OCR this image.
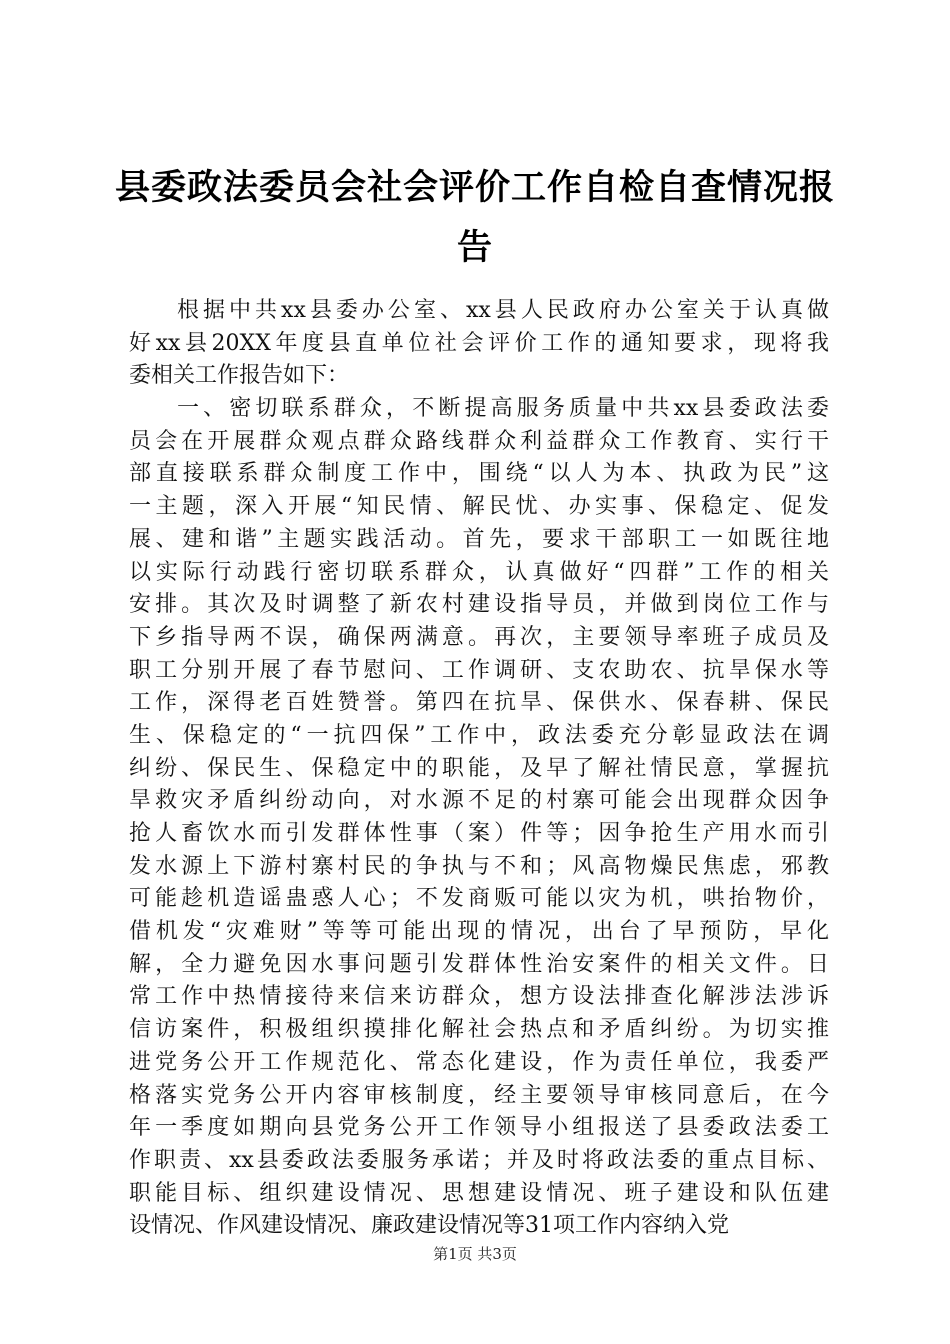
县委政法委员会社会评价工作自检自查情况报
告
根据中共xx县委办公室、xx县人民政府办公室关于认真做
好xx县20XX年度县直单位社会评价工作的通知要求，现将我
委相关工作报告如下：
一、密切联系群众，不断提高服务质量中共xx县委政法委
员会在开展群众观点群众路线群众利益群众工作教育、实行干
部直接联系群众制度工作中，围绕“以人为本、执政为民”这
一主题，深入开展“知民情、解民忧、办实事、保稳定、促发
展、建和谐”主题实践活动。首先，要求干部职工一如既往地
以实际行动践行密切联系群众，认真做好“四群”工作的相关
安排。其次及时调整了新农村建设指导员，并做到岗位工作与
下乡指导两不误，确保两满意。再次，主要领导率班子成员及
职工分别开展了春节慰问、工作调研、支农助农、抗旱保水等
工作，深得老百姓赞誉。第四在抗旱、保供水、保春耕、保民
生、保稳定的“一抗四保”工作中，政法委充分彰显政法在调
纠纷、保民生、保稳定中的职能，及早了解社情民意，掌握抗
旱救灾矛盾纠纷动向，对水源不足的村寨可能会出现群众因争
抢人畜饮水而引发群体性事（案）件等；因争抢生产用水而引
发水源上下游村寨村民的争执与不和；风高物燥民焦虑，邪教
可能趁机造谣蛊惑人心；不发商贩可能以灾为机，哄抬物价，
借机发“灾难财”等等可能出现的情况，出台了早预防，早化
解，全力避免因水事问题引发群体性治安案件的相关文件。日
常工作中热情接待来信来访群众，想方设法排查化解涉法涉诉
信访案件，积极组织摸排化解社会热点和矛盾纠纷。为切实推
进党务公开工作规范化、常态化建设，作为责任单位，我委严
格落实党务公开内容审核制度，经主要领导审核同意后，在今
年一季度如期向县党务公开工作领导小组报送了县委政法委工
作职责、xx县委政法委服务承诺；并及时将政法委的重点目标、
职能目标、组织建设情况、思想建设情况、班子建设和队伍建
设情况、作风建设情况、廉政建设情况等31项工作内容纳入党
第1页 共3页
